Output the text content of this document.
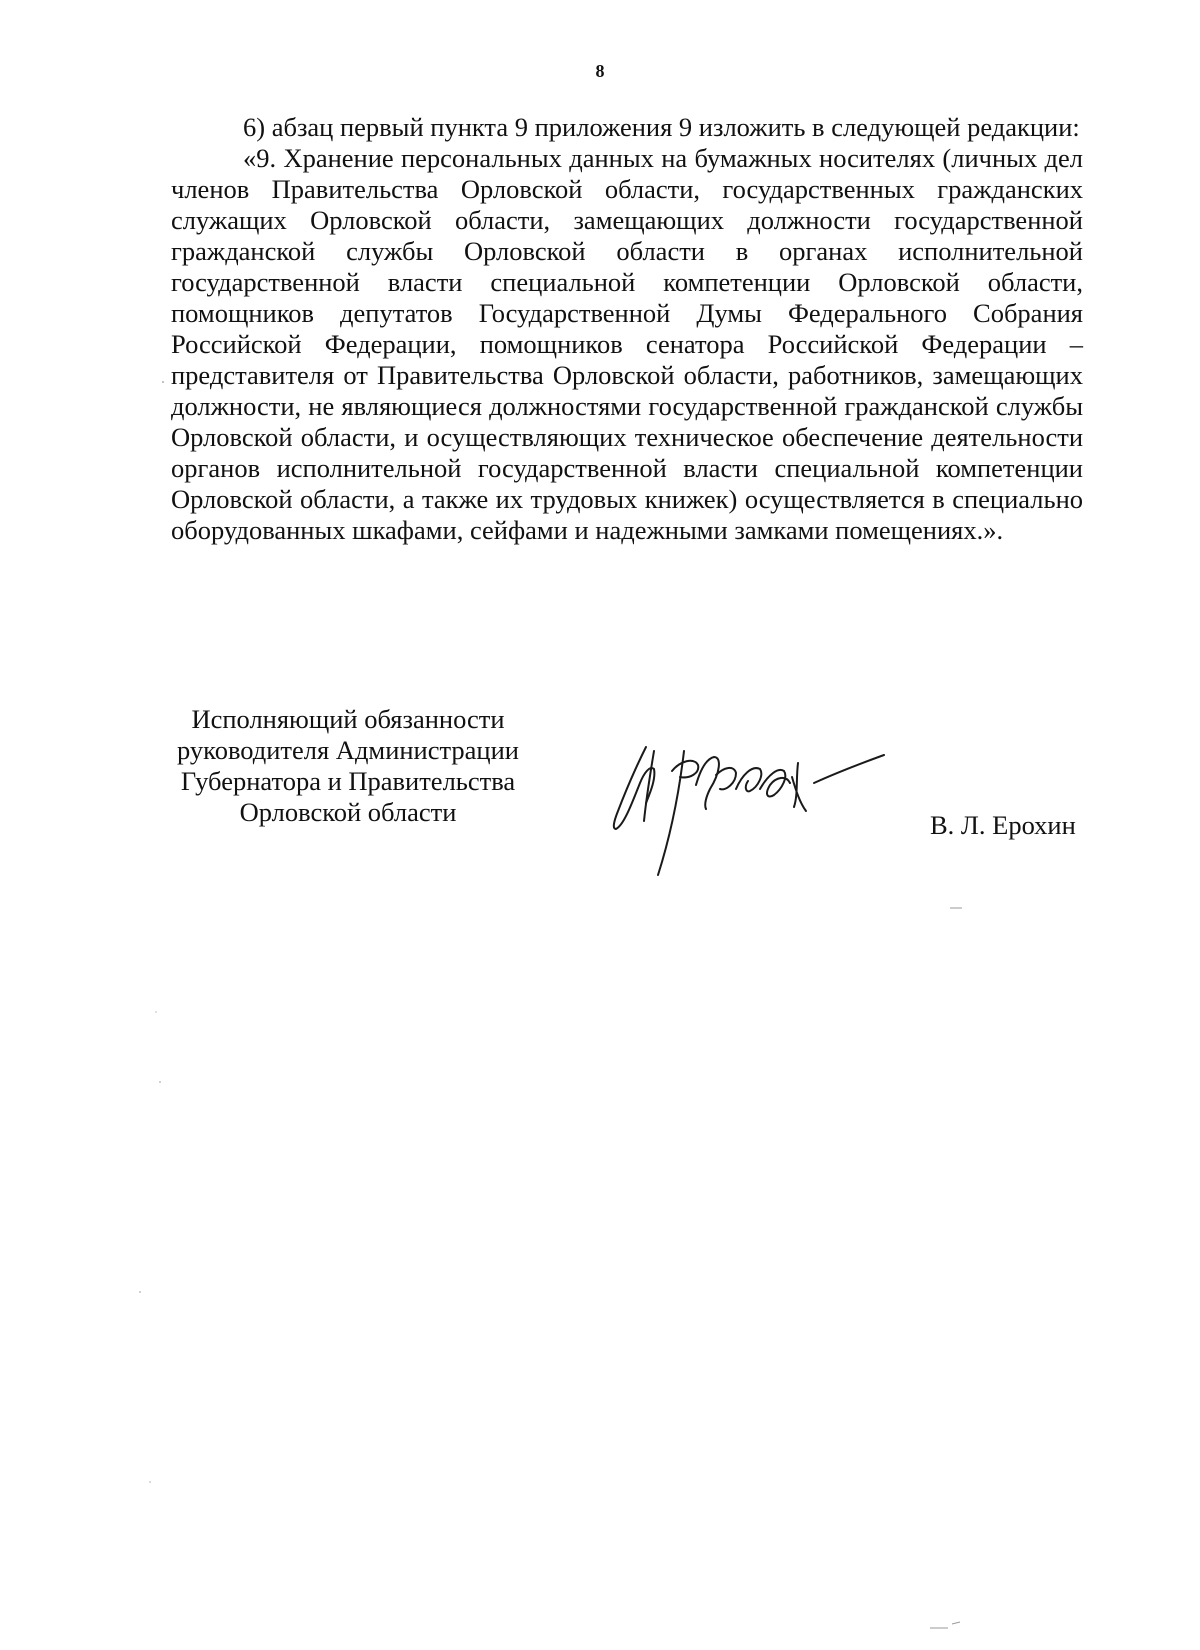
8

6) абзац первый пункта 9 приложения 9 изложить в следующей редакции:

«9. Хранение персональных данных на бумажных носителях (личных дел членов Правительства Орловской области, государственных гражданских служащих Орловской области, замещающих должности государственной гражданской службы Орловской области в органах исполнительной государственной власти специальной компетенции Орловской области, помощников депутатов Государственной Думы Федерального Собрания Российской Федерации, помощников сенатора Российской Федерации – представителя от Правительства Орловской области, работников, замещающих должности, не являющиеся должностями государственной гражданской службы Орловской области, и осуществляющих техническое обеспечение деятельности органов исполнительной государственной власти специальной компетенции Орловской области, а также их трудовых книжек) осуществляется в специально оборудованных шкафами, сейфами и надежными замками помещениях.».

Исполняющий обязанности
руководителя Администрации
Губернатора и Правительства
Орловской области	В. Л. Ерохин
